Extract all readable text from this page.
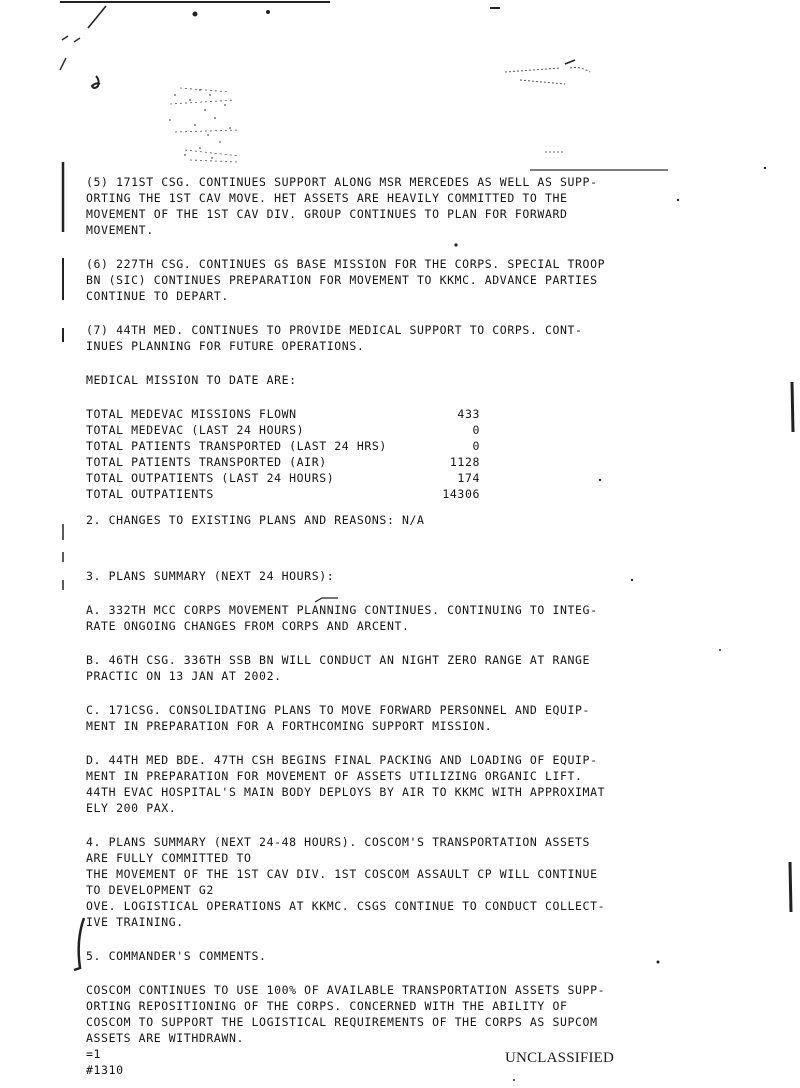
(5) 171ST CSG. CONTINUES SUPPORT ALONG MSR MERCEDES AS WELL AS SUPP-
ORTING THE 1ST CAV MOVE. HET ASSETS ARE HEAVILY COMMITTED TO THE
MOVEMENT OF THE 1ST CAV DIV. GROUP CONTINUES TO PLAN FOR FORWARD
MOVEMENT.
(6) 227TH CSG. CONTINUES GS BASE MISSION FOR THE CORPS. SPECIAL TROOP
BN (SIC) CONTINUES PREPARATION FOR MOVEMENT TO KKMC. ADVANCE PARTIES
CONTINUE TO DEPART.
(7) 44TH MED. CONTINUES TO PROVIDE MEDICAL SUPPORT TO CORPS. CONT-
INUES PLANNING FOR FUTURE OPERATIONS.
MEDICAL MISSION TO DATE ARE:
TOTAL MEDEVAC MISSIONS FLOWN	433
TOTAL MEDEVAC (LAST 24 HOURS)	0
TOTAL PATIENTS TRANSPORTED (LAST 24 HRS)	0
TOTAL PATIENTS TRANSPORTED (AIR)	1128
TOTAL OUTPATIENTS (LAST 24 HOURS)	174
TOTAL OUTPATIENTS	14306
2. CHANGES TO EXISTING PLANS AND REASONS: N/A
3. PLANS SUMMARY (NEXT 24 HOURS):
A. 332TH MCC CORPS MOVEMENT PLANNING CONTINUES. CONTINUING TO INTEG-
RATE ONGOING CHANGES FROM CORPS AND ARCENT.
B. 46TH CSG. 336TH SSB BN WILL CONDUCT AN NIGHT ZERO RANGE AT RANGE
PRACTIC ON 13 JAN AT 2002.
C. 171CSG. CONSOLIDATING PLANS TO MOVE FORWARD PERSONNEL AND EQUIP-
MENT IN PREPARATION FOR A FORTHCOMING SUPPORT MISSION.
D. 44TH MED BDE. 47TH CSH BEGINS FINAL PACKING AND LOADING OF EQUIP-
MENT IN PREPARATION FOR MOVEMENT OF ASSETS UTILIZING ORGANIC LIFT.
44TH EVAC HOSPITAL'S MAIN BODY DEPLOYS BY AIR TO KKMC WITH APPROXIMAT
ELY 200 PAX.
4. PLANS SUMMARY (NEXT 24-48 HOURS). COSCOM'S TRANSPORTATION ASSETS
ARE FULLY COMMITTED TO
THE MOVEMENT OF THE 1ST CAV DIV. 1ST COSCOM ASSAULT CP WILL CONTINUE
TO DEVELOPMENT G2
OVE. LOGISTICAL OPERATIONS AT KKMC. CSGS CONTINUE TO CONDUCT COLLECT-
IVE TRAINING.
5. COMMANDER'S COMMENTS.
COSCOM CONTINUES TO USE 100% OF AVAILABLE TRANSPORTATION ASSETS SUPP-
ORTING REPOSITIONING OF THE CORPS. CONCERNED WITH THE ABILITY OF
COSCOM TO SUPPORT THE LOGISTICAL REQUIREMENTS OF THE CORPS AS SUPCOM
ASSETS ARE WITHDRAWN.
=1
#1310
UNCLASSIFIED
